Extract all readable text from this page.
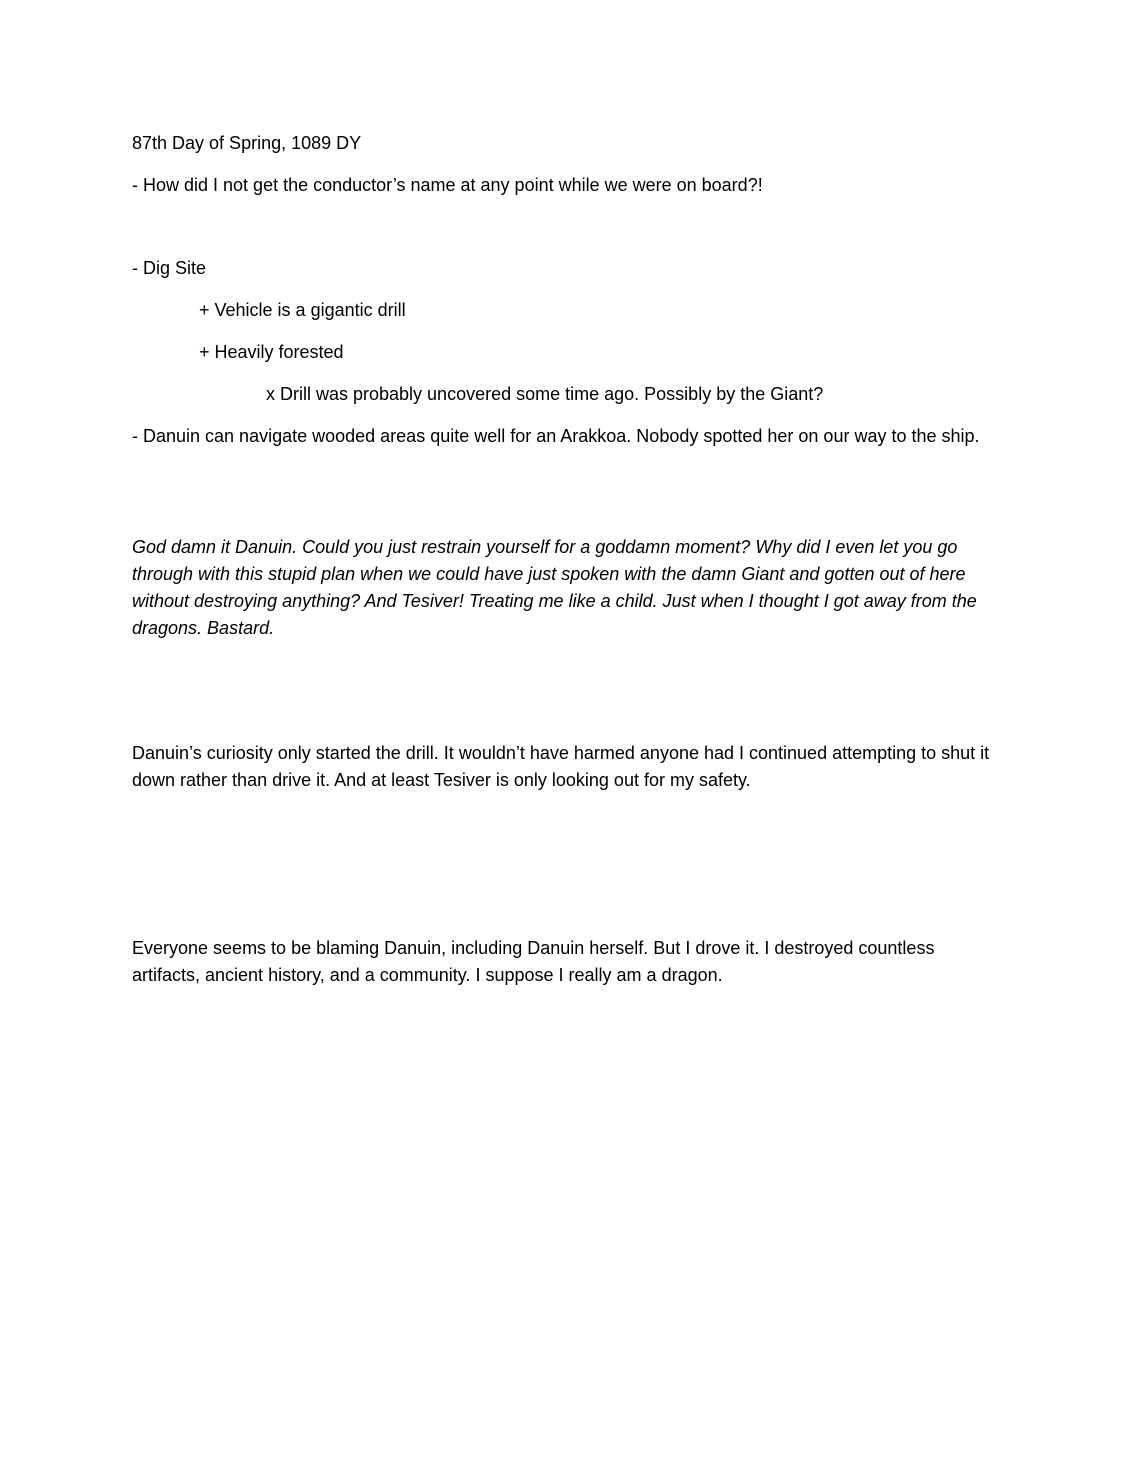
87th Day of Spring, 1089 DY
- How did I not get the conductor’s name at any point while we were on board?!
- Dig Site
+ Vehicle is a gigantic drill
+ Heavily forested
x Drill was probably uncovered some time ago. Possibly by the Giant?
- Danuin can navigate wooded areas quite well for an Arakkoa. Nobody spotted her on our way to the ship.
God damn it Danuin. Could you just restrain yourself for a goddamn moment? Why did I even let you go through with this stupid plan when we could have just spoken with the damn Giant and gotten out of here without destroying anything? And Tesiver! Treating me like a child. Just when I thought I got away from the dragons. Bastard.
Danuin’s curiosity only started the drill. It wouldn’t have harmed anyone had I continued attempting to shut it down rather than drive it. And at least Tesiver is only looking out for my safety.
Everyone seems to be blaming Danuin, including Danuin herself. But I drove it. I destroyed countless artifacts, ancient history, and a community. I suppose I really am a dragon.
